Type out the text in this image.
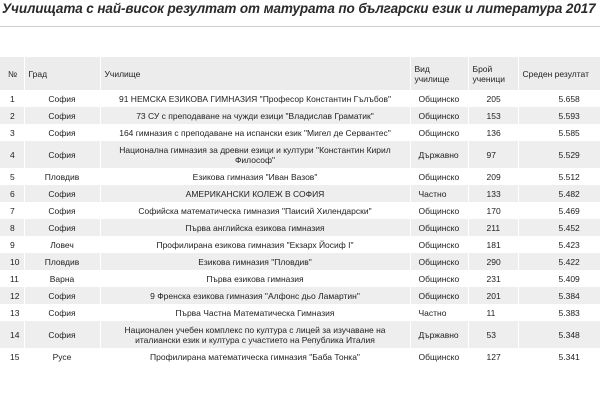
Училищата с най-висок резултат от матурата по български език и литература 2017
№	Град	Училище	Вид училище	Брой ученици	Среден резултат
1	София	91 НЕМСКА ЕЗИКОВА ГИМНАЗИЯ "Професор Константин Гълъбов"	Общинско	205	5.658
2	София	73 СУ с преподаване на чужди езици "Владислав Граматик"	Общинско	153	5.593
3	София	164 гимназия с преподаване на испански език "Мигел де Сервантес"	Общинско	136	5.585
4	София	Национална гимназия за древни езици и култури "Константин Кирил Философ"	Държавно	97	5.529
5	Пловдив	Езикова гимназия "Иван Вазов"	Общинско	209	5.512
6	София	АМЕРИКАНСКИ КОЛЕЖ В СОФИЯ	Частно	133	5.482
7	София	Софийска математическа гимназия "Паисий Хилендарски"	Общинско	170	5.469
8	София	Първа английска езикова гимназия	Общинско	211	5.452
9	Ловеч	Профилирана езикова гимназия "Екзарх Йосиф I"	Общинско	181	5.423
10	Пловдив	Езикова гимназия "Пловдив"	Общинско	290	5.422
11	Варна	Първа езикова гимназия	Общинско	231	5.409
12	София	9 Френска езикова гимназия "Алфонс дьо Ламартин"	Общинско	201	5.384
13	София	Първа Частна Математическа Гимназия	Частно	11	5.383
14	София	Национален учебен комплекс по култура с лицей за изучаване на италиански език и култура с участието на Република Италия	Държавно	53	5.348
15	Русе	Профилирана математическа гимназия "Баба Тонка"	Общинско	127	5.341
